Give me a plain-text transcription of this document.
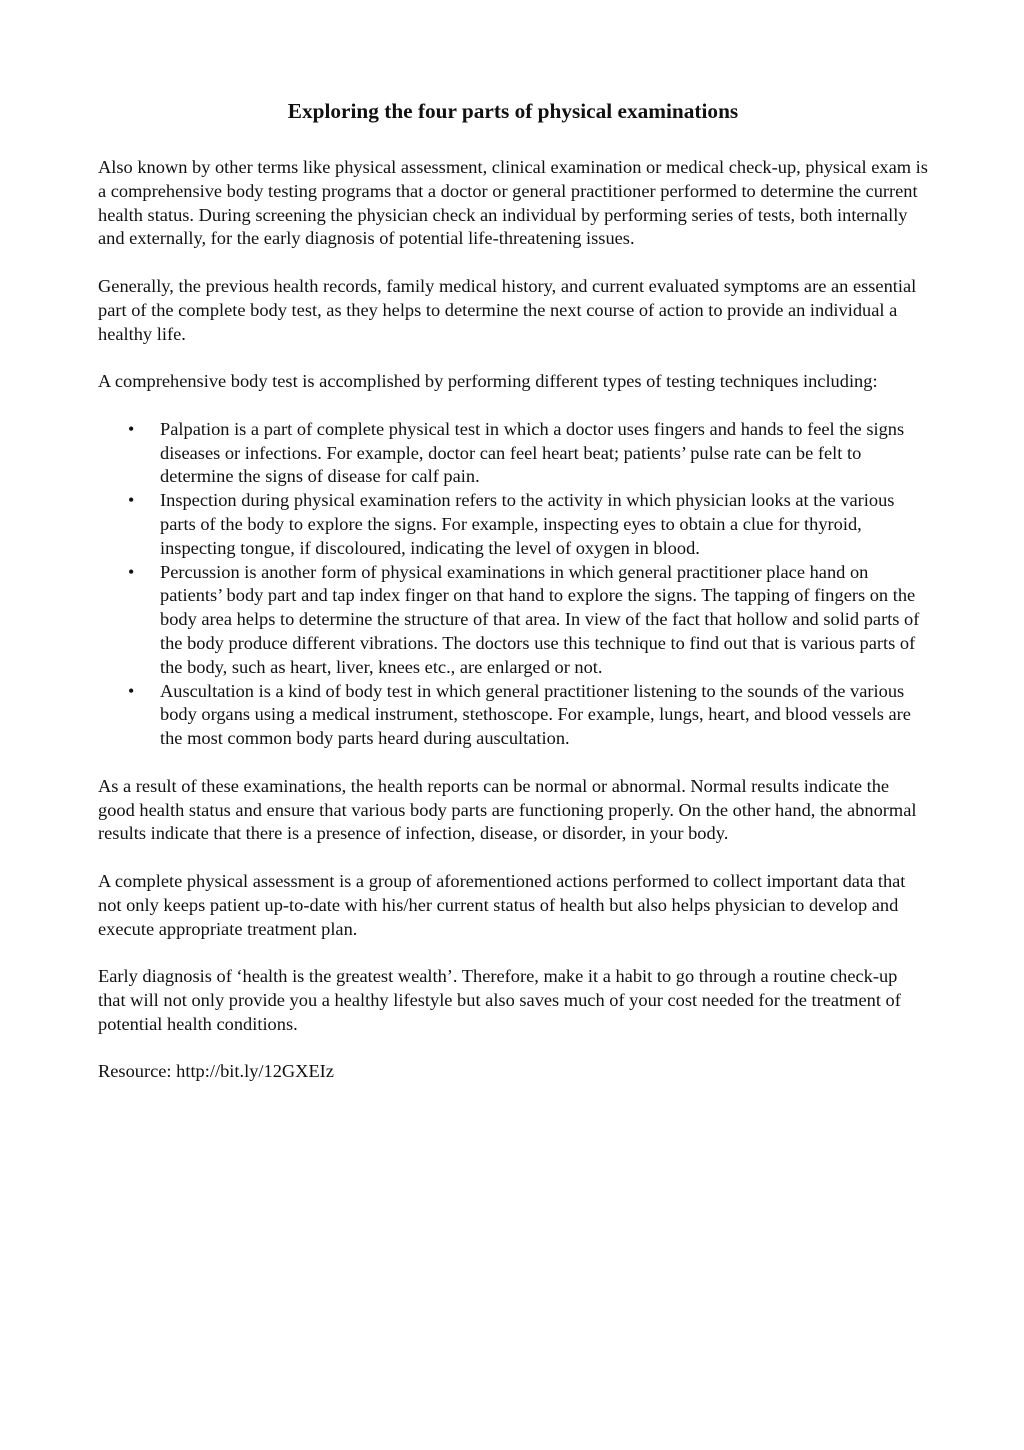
Exploring the four parts of physical examinations

Also known by other terms like physical assessment, clinical examination or medical check-up, physical exam is a comprehensive body testing programs that a doctor or general practitioner performed to determine the current health status. During screening the physician check an individual by performing series of tests, both internally and externally, for the early diagnosis of potential life-threatening issues.

Generally, the previous health records, family medical history, and current evaluated symptoms are an essential part of the complete body test, as they helps to determine the next course of action to provide an individual a healthy life.

A comprehensive body test is accomplished by performing different types of testing techniques including:

• Palpation is a part of complete physical test in which a doctor uses fingers and hands to feel the signs diseases or infections. For example, doctor can feel heart beat; patients’ pulse rate can be felt to determine the signs of disease for calf pain.
• Inspection during physical examination refers to the activity in which physician looks at the various parts of the body to explore the signs. For example, inspecting eyes to obtain a clue for thyroid, inspecting tongue, if discoloured, indicating the level of oxygen in blood.
• Percussion is another form of physical examinations in which general practitioner place hand on patients’ body part and tap index finger on that hand to explore the signs. The tapping of fingers on the body area helps to determine the structure of that area. In view of the fact that hollow and solid parts of the body produce different vibrations. The doctors use this technique to find out that is various parts of the body, such as heart, liver, knees etc., are enlarged or not.
• Auscultation is a kind of body test in which general practitioner listening to the sounds of the various body organs using a medical instrument, stethoscope. For example, lungs, heart, and blood vessels are the most common body parts heard during auscultation.

As a result of these examinations, the health reports can be normal or abnormal. Normal results indicate the good health status and ensure that various body parts are functioning properly. On the other hand, the abnormal results indicate that there is a presence of infection, disease, or disorder, in your body.

A complete physical assessment is a group of aforementioned actions performed to collect important data that not only keeps patient up-to-date with his/her current status of health but also helps physician to develop and execute appropriate treatment plan.

Early diagnosis of ‘health is the greatest wealth’. Therefore, make it a habit to go through a routine check-up that will not only provide you a healthy lifestyle but also saves much of your cost needed for the treatment of potential health conditions.

Resource: http://bit.ly/12GXEIz
